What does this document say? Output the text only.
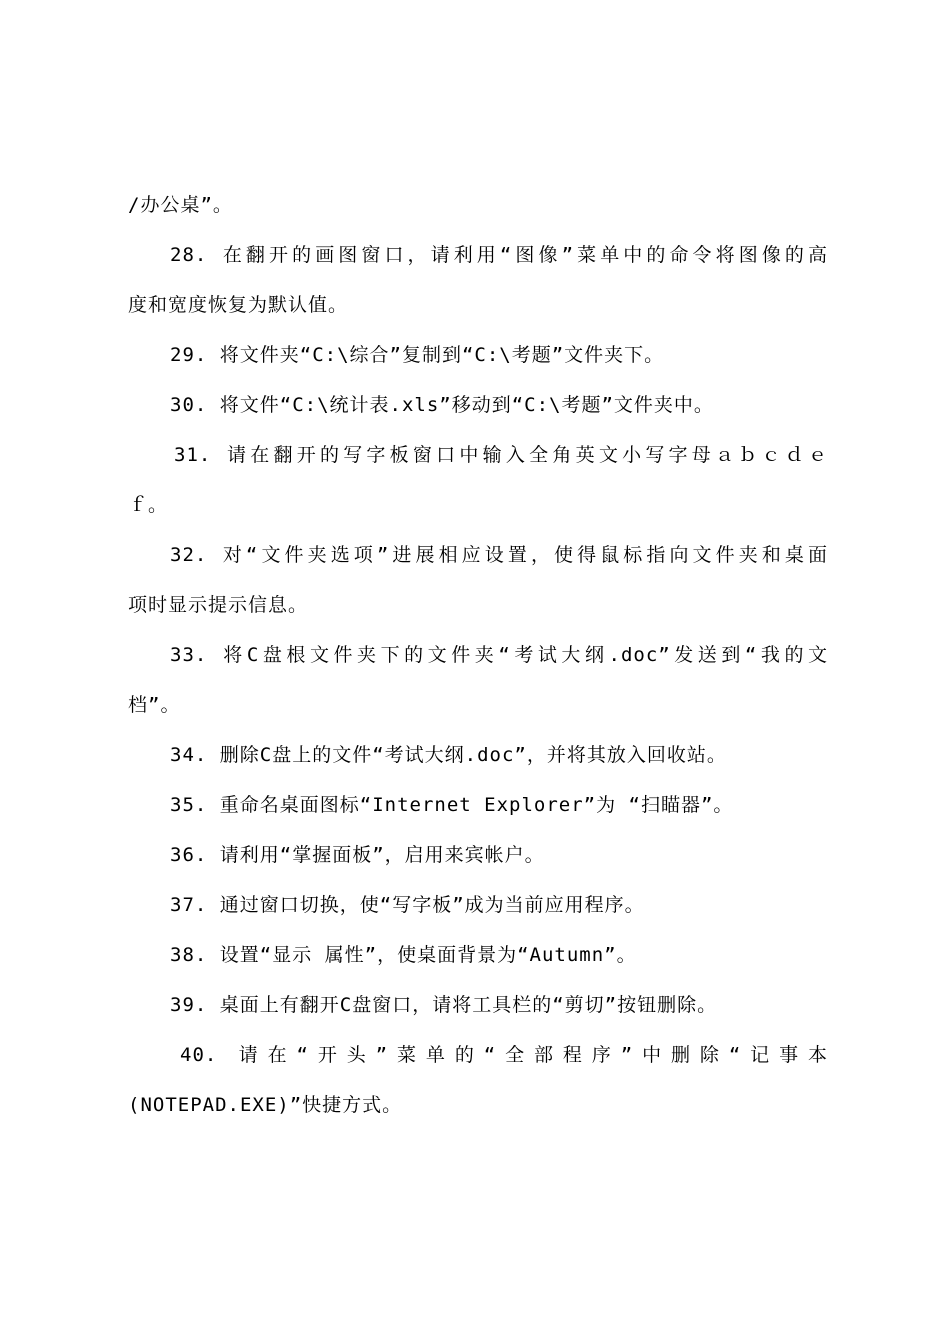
/办公桌”。
28. 在翻开的画图窗口，请利用“图像”菜单中的命令将图像的高
度和宽度恢复为默认值。
29. 将文件夹“C:\综合”复制到“C:\考题”文件夹下。
30. 将文件“C:\统计表.xls”移动到“C:\考题”文件夹中。
31. 请在翻开的写字板窗口中输入全角英文小写字母ａｂｃｄｅ
ｆ。
32. 对“文件夹选项”进展相应设置，使得鼠标指向文件夹和桌面
项时显示提示信息。
33. 将C盘根文件夹下的文件夹“考试大纲.doc”发送到“我的文
档”。
34. 删除C盘上的文件“考试大纲.doc”，并将其放入回收站。
35. 重命名桌面图标“Internet Explorer”为 “扫瞄器”。
36. 请利用“掌握面板”，启用来宾帐户。
37. 通过窗口切换，使“写字板”成为当前应用程序。
38. 设置“显示 属性”，使桌面背景为“Autumn”。
39. 桌面上有翻开C盘窗口，请将工具栏的“剪切”按钮删除。
40. 请在“开头”菜单的“全部程序”中删除“记事本
(NOTEPAD.EXE)”快捷方式。
